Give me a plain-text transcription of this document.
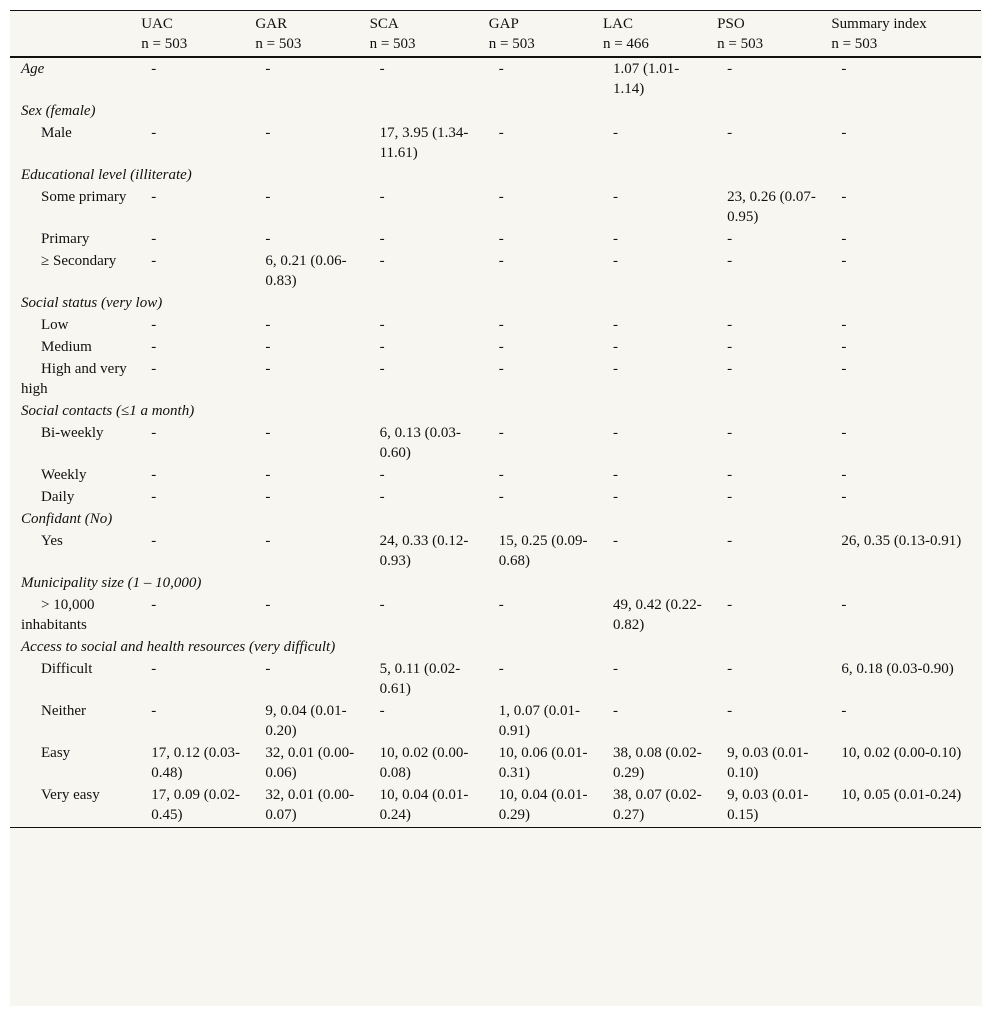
	UAC	GAR	SCA	GAP	LAC	PSO	Summary index
	n = 503	n = 503	n = 503	n = 503	n = 466	n = 503	n = 503
Age	-	-	-	-	1.07 (1.01-1.14)	-	-
Sex (female)							
Male	-	-	17, 3.95 (1.34-11.61)	-	-	-	-
Educational level (illiterate)							
Some primary	-	-	-	-	-	23, 0.26 (0.07-0.95)	-
Primary	-	-	-	-	-	-	-
≥ Secondary	-	6, 0.21 (0.06-0.83)	-	-	-	-	-
Social status (very low)							
Low	-	-	-	-	-	-	-
Medium	-	-	-	-	-	-	-
High and very high	-	-	-	-	-	-	-
Social contacts (≤1 a month)							
Bi-weekly	-	-	6, 0.13 (0.03-0.60)	-	-	-	-
Weekly	-	-	-	-	-	-	-
Daily	-	-	-	-	-	-	-
Confidant (No)							
Yes	-	-	24, 0.33 (0.12-0.93)	15, 0.25 (0.09-0.68)	-	-	26, 0.35 (0.13-0.91)
Municipality size (1 – 10,000)							
> 10,000 inhabitants	-	-	-	-	49, 0.42 (0.22-0.82)	-	-
Access to social and health resources (very difficult)							
Difficult	-	-	5, 0.11 (0.02-0.61)	-	-	-	6, 0.18 (0.03-0.90)
Neither	-	9, 0.04 (0.01-0.20)	-	1, 0.07 (0.01-0.91)	-	-	-
Easy	17, 0.12 (0.03-0.48)	32, 0.01 (0.00-0.06)	10, 0.02 (0.00-0.08)	10, 0.06 (0.01-0.31)	38, 0.08 (0.02-0.29)	9, 0.03 (0.01-0.10)	10, 0.02 (0.00-0.10)
Very easy	17, 0.09 (0.02-0.45)	32, 0.01 (0.00-0.07)	10, 0.04 (0.01-0.24)	10, 0.04 (0.01-0.29)	38, 0.07 (0.02-0.27)	9, 0.03 (0.01-0.15)	10, 0.05 (0.01-0.24)
